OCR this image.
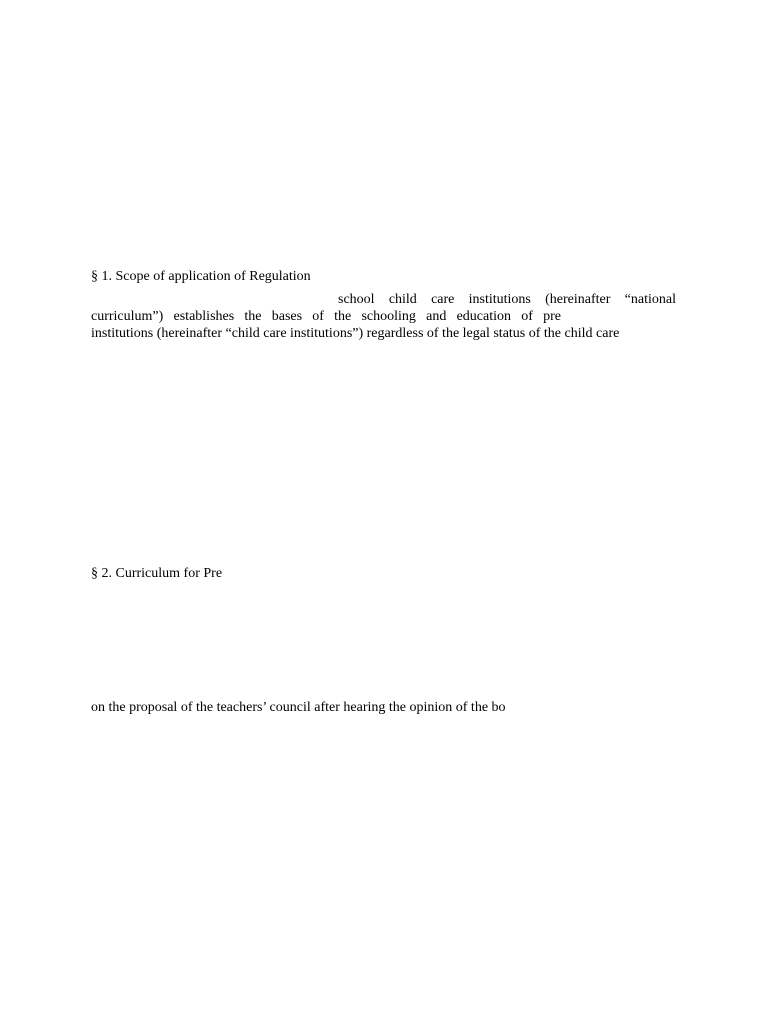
§ 1. Scope of application of Regulation
school child care institutions (hereinafter “national
curriculum”) establishes the bases of the schooling and education of pre
institutions (hereinafter “child care institutions”) regardless of the legal status of the child care
§ 2. Curriculum for Pre
on the proposal of the teachers’ council after hearing the opinion of the bo
